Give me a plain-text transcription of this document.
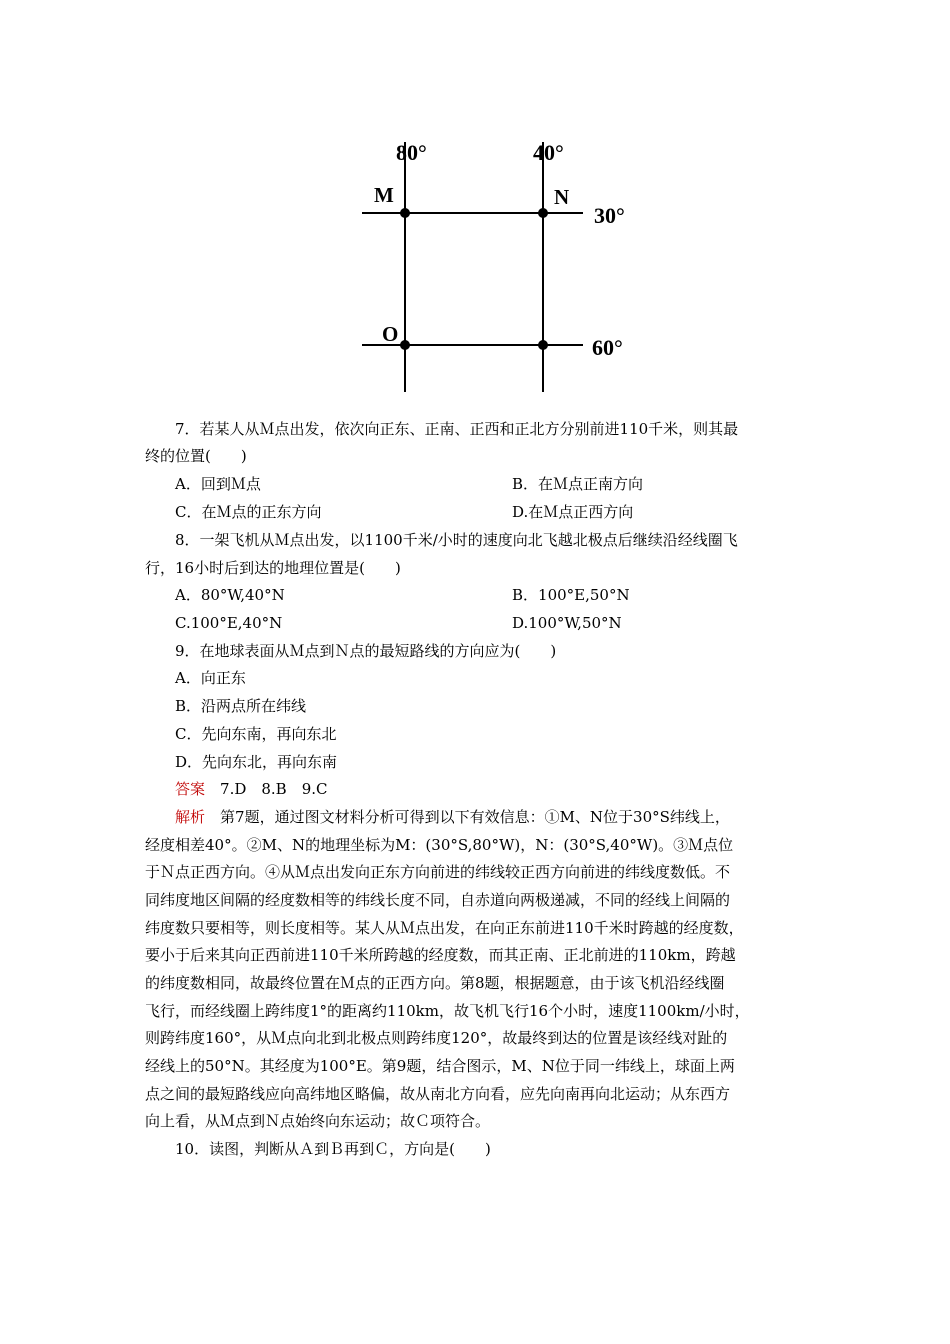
80°	40°
30°
60°
M	N
O
7．若某人从Ｍ点出发，依次向正东、正南、正西和正北方分别前进110千米，则其最
终的位置(　　)
A．回到Ｍ点	B．在Ｍ点正南方向
C．在Ｍ点的正东方向	D.在Ｍ点正西方向
8．一架飞机从Ｍ点出发，以1100千米/小时的速度向北飞越北极点后继续沿经线圈飞
行，16小时后到达的地理位置是(　　)
A．80°W,40°N	B．100°E,50°N
C.100°E,40°N	D.100°W,50°N
9．在地球表面从Ｍ点到Ｎ点的最短路线的方向应为(　　)
A．向正东
B．沿两点所在纬线
C．先向东南，再向东北
D．先向东北，再向东南
答案　 7.D　8.B　9.C
解析　 第7题，通过图文材料分析可得到以下有效信息：①M、N位于30°S纬线上，
经度相差40°。②M、N的地理坐标为M：(30°S,80°W)，N：(30°S,40°W)。③Ｍ点位
于Ｎ点正西方向。④从Ｍ点出发向正东方向前进的纬线较正西方向前进的纬线度数低。不
同纬度地区间隔的经度数相等的纬线长度不同，自赤道向两极递减，不同的经线上间隔的
纬度数只要相等，则长度相等。某人从Ｍ点出发，在向正东前进110千米时跨越的经度数，
要小于后来其向正西前进110千米所跨越的经度数，而其正南、正北前进的110km，跨越
的纬度数相同，故最终位置在Ｍ点的正西方向。第8题，根据题意，由于该飞机沿经线圈
飞行，而经线圈上跨纬度1°的距离约110km，故飞机飞行16个小时，速度1100km/小时，
则跨纬度160°，从Ｍ点向北到北极点则跨纬度120°，故最终到达的位置是该经线对趾的
经线上的50°N。其经度为100°E。第9题，结合图示，M、N位于同一纬线上，球面上两
点之间的最短路线应向高纬地区略偏，故从南北方向看，应先向南再向北运动；从东西方
向上看，从Ｍ点到Ｎ点始终向东运动；故Ｃ项符合。
10．读图，判断从Ａ到Ｂ再到Ｃ，方向是(　　)
